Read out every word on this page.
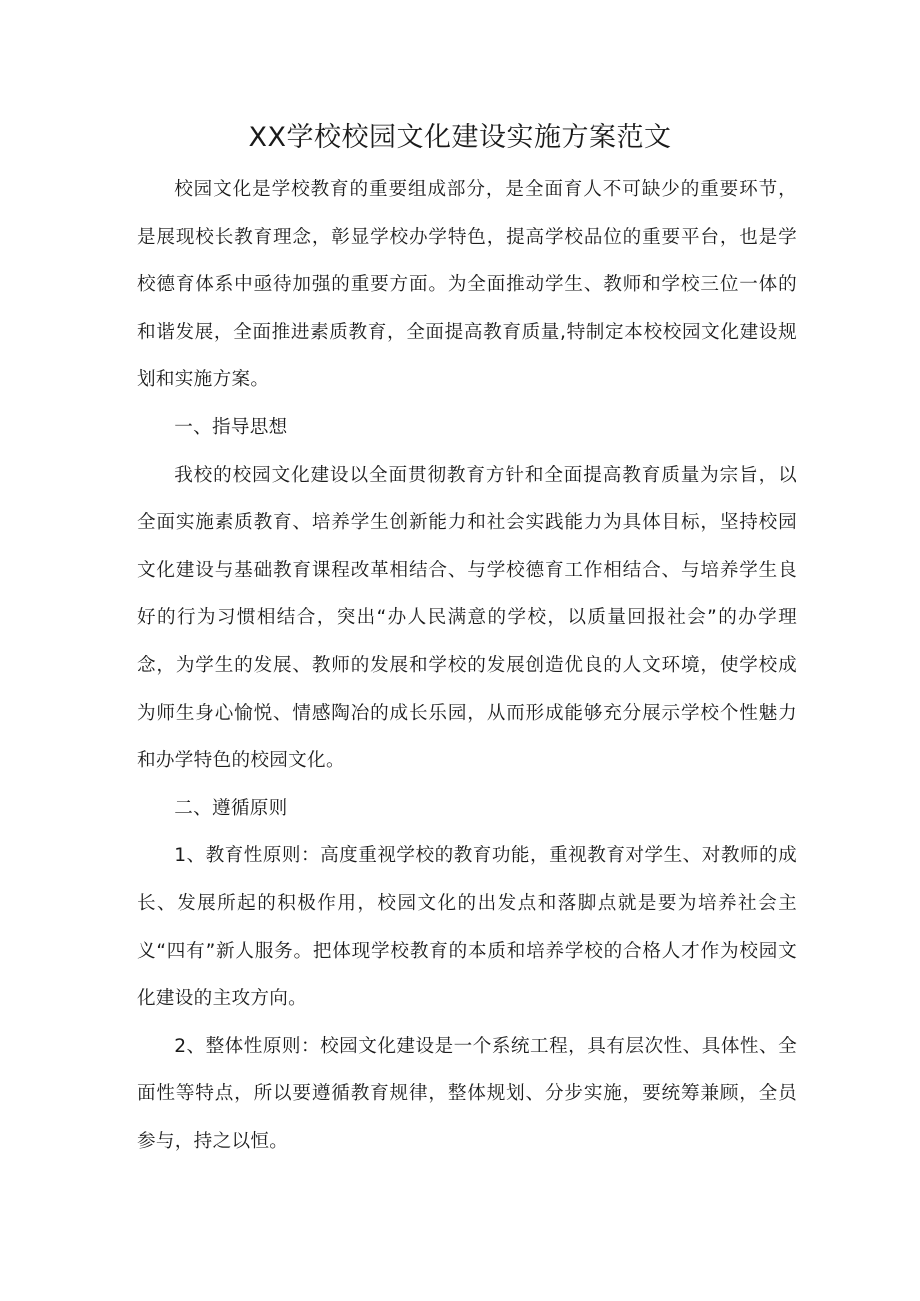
XX学校校园文化建设实施方案范文

校园文化是学校教育的重要组成部分，是全面育人不可缺少的重要环节，是展现校长教育理念，彰显学校办学特色，提高学校品位的重要平台，也是学校德育体系中亟待加强的重要方面。为全面推动学生、教师和学校三位一体的和谐发展，全面推进素质教育，全面提高教育质量,特制定本校校园文化建设规划和实施方案。

一、指导思想

我校的校园文化建设以全面贯彻教育方针和全面提高教育质量为宗旨，以全面实施素质教育、培养学生创新能力和社会实践能力为具体目标，坚持校园文化建设与基础教育课程改革相结合、与学校德育工作相结合、与培养学生良好的行为习惯相结合，突出“办人民满意的学校，以质量回报社会”的办学理念，为学生的发展、教师的发展和学校的发展创造优良的人文环境，使学校成为师生身心愉悦、情感陶冶的成长乐园，从而形成能够充分展示学校个性魅力和办学特色的校园文化。

二、遵循原则

1、教育性原则：高度重视学校的教育功能，重视教育对学生、对教师的成长、发展所起的积极作用，校园文化的出发点和落脚点就是要为培养社会主义“四有”新人服务。把体现学校教育的本质和培养学校的合格人才作为校园文化建设的主攻方向。

2、整体性原则：校园文化建设是一个系统工程，具有层次性、具体性、全面性等特点，所以要遵循教育规律，整体规划、分步实施，要统筹兼顾，全员参与，持之以恒。
